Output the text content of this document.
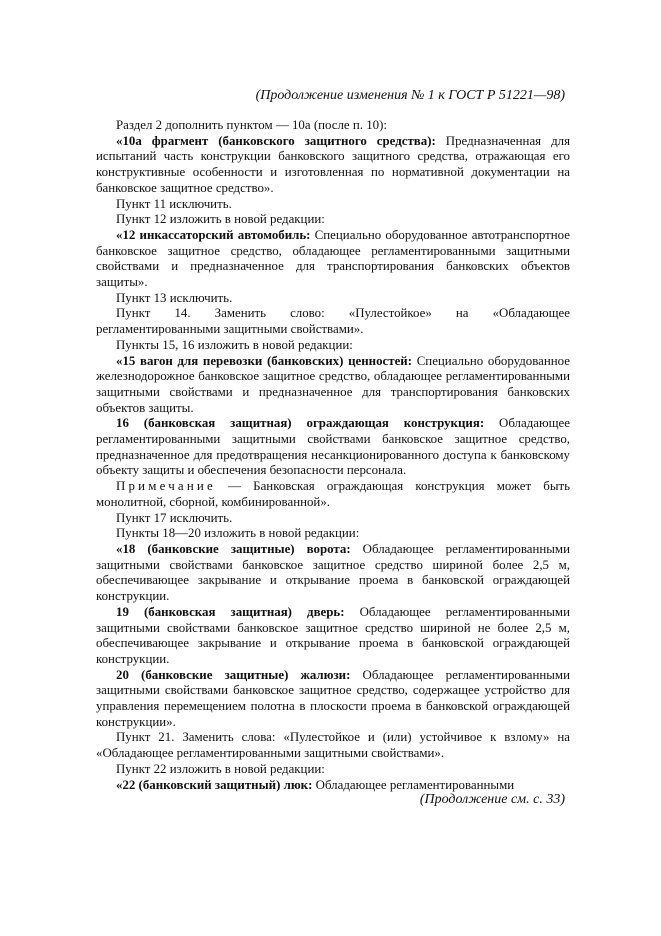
(Продолжение изменения № 1 к ГОСТ Р 51221—98)

Раздел 2 дополнить пунктом — 10а (после п. 10):

«10а фрагмент (банковского защитного средства): Предназначенная для испытаний часть конструкции банковского защитного средства, отражающая его конструктивные особенности и изготовленная по нормативной документации на банковское защитное средство».

Пункт 11 исключить.

Пункт 12 изложить в новой редакции:

«12 инкассаторский автомобиль: Специально оборудованное автотранспортное банковское защитное средство, обладающее регламентированными защитными свойствами и предназначенное для транспортирования банковских объектов защиты».

Пункт 13 исключить.

Пункт 14. Заменить слово: «Пулестойкое» на «Обладающее регламентированными защитными свойствами».

Пункты 15, 16 изложить в новой редакции:

«15 вагон для перевозки (банковских) ценностей: Специально оборудованное железнодорожное банковское защитное средство, обладающее регламентированными защитными свойствами и предназначенное для транспортирования банковских объектов защиты.

16 (банковская защитная) ограждающая конструкция: Обладающее регламентированными защитными свойствами банковское защитное средство, предназначенное для предотвращения несанкционированного доступа к банковскому объекту защиты и обеспечения безопасности персонала.

Примечание — Банковская ограждающая конструкция может быть монолитной, сборной, комбинированной».

Пункт 17 исключить.

Пункты 18—20 изложить в новой редакции:

«18 (банковские защитные) ворота: Обладающее регламентированными защитными свойствами банковское защитное средство шириной более 2,5 м, обеспечивающее закрывание и открывание проема в банковской ограждающей конструкции.

19 (банковская защитная) дверь: Обладающее регламентированными защитными свойствами банковское защитное средство шириной не более 2,5 м, обеспечивающее закрывание и открывание проема в банковской ограждающей конструкции.

20 (банковские защитные) жалюзи: Обладающее регламентированными защитными свойствами банковское защитное средство, содержащее устройство для управления перемещением полотна в плоскости проема в банковской ограждающей конструкции».

Пункт 21. Заменить слова: «Пулестойкое и (или) устойчивое к взлому» на «Обладающее регламентированными защитными свойствами».

Пункт 22 изложить в новой редакции:

«22 (банковский защитный) люк: Обладающее регламентированными

(Продолжение см. с. 33)
